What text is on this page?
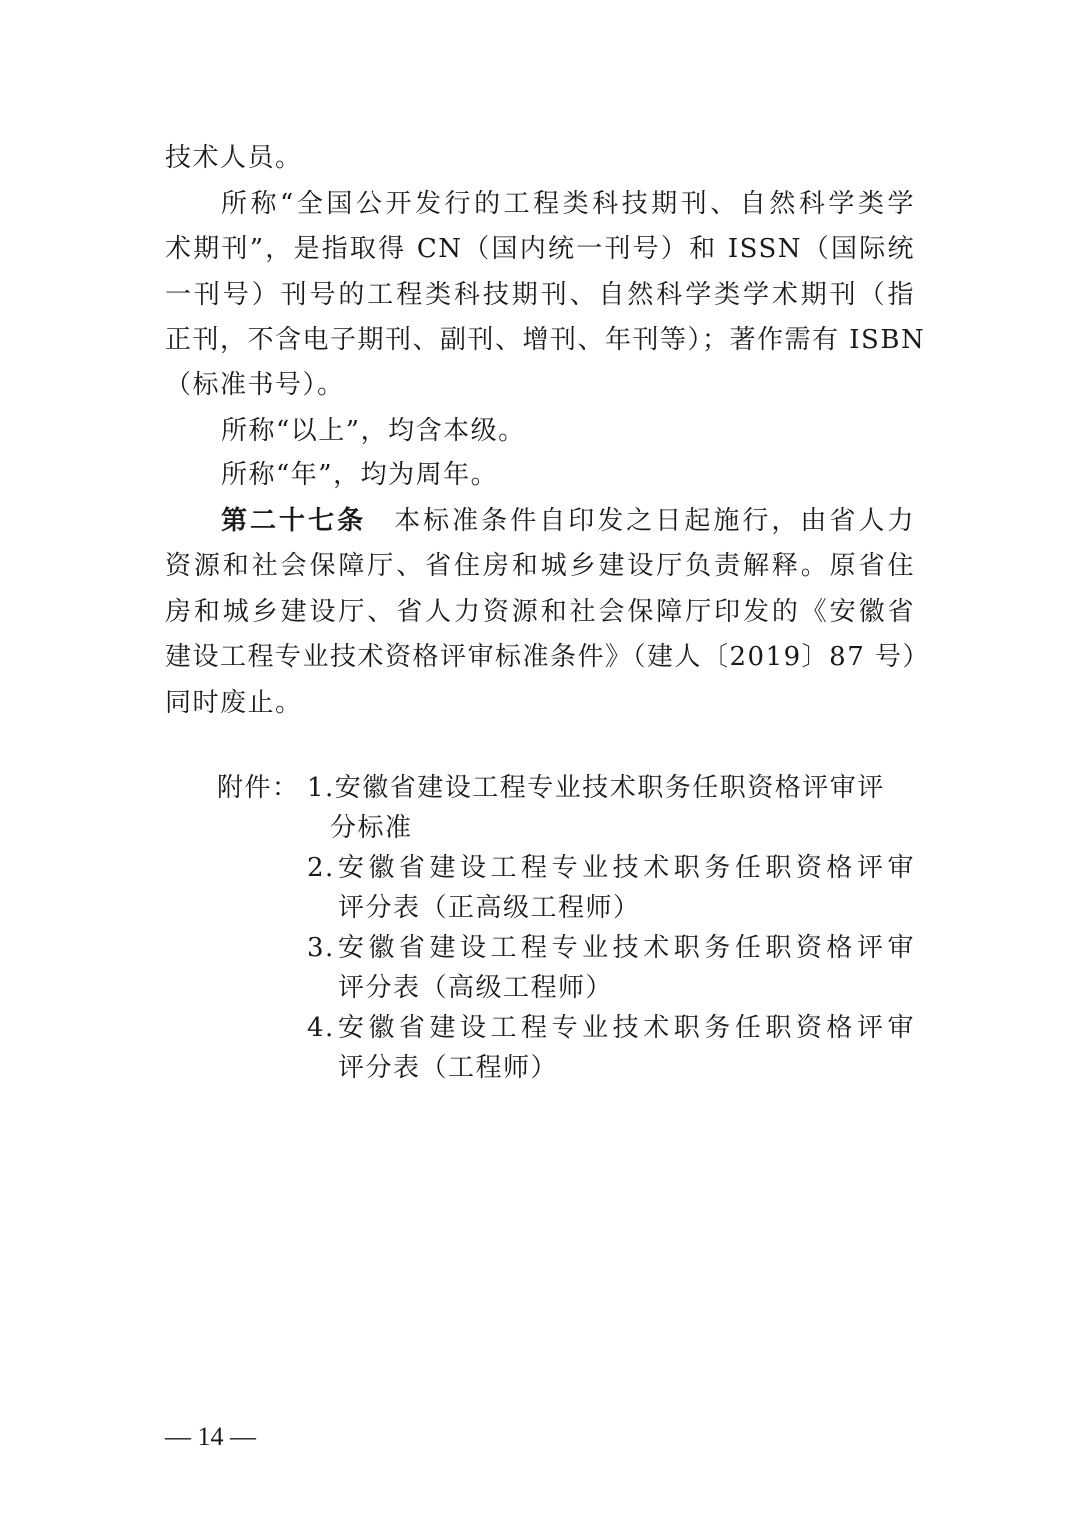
技术人员。
所称“全国公开发行的工程类科技期刊、自然科学类学
术期刊”，是指取得 CN（国内统一刊号）和 ISSN（国际统
一刊号）刊号的工程类科技期刊、自然科学类学术期刊（指
正刊，不含电子期刊、副刊、增刊、年刊等）；著作需有 ISBN
（标准书号）。
所称“以上”，均含本级。
所称“年”，均为周年。
第二十七条 本标准条件自印发之日起施行，由省人力
资源和社会保障厅、省住房和城乡建设厅负责解释。原省住
房和城乡建设厅、省人力资源和社会保障厅印发的《安徽省
建设工程专业技术资格评审标准条件》（建人〔2019〕87 号）
同时废止。
附件： 1.安徽省建设工程专业技术职务任职资格评审评
分标准
2.安徽省建设工程专业技术职务任职资格评审
评分表（正高级工程师）
3.安徽省建设工程专业技术职务任职资格评审
评分表（高级工程师）
4.安徽省建设工程专业技术职务任职资格评审
评分表（工程师）
— 14 —
